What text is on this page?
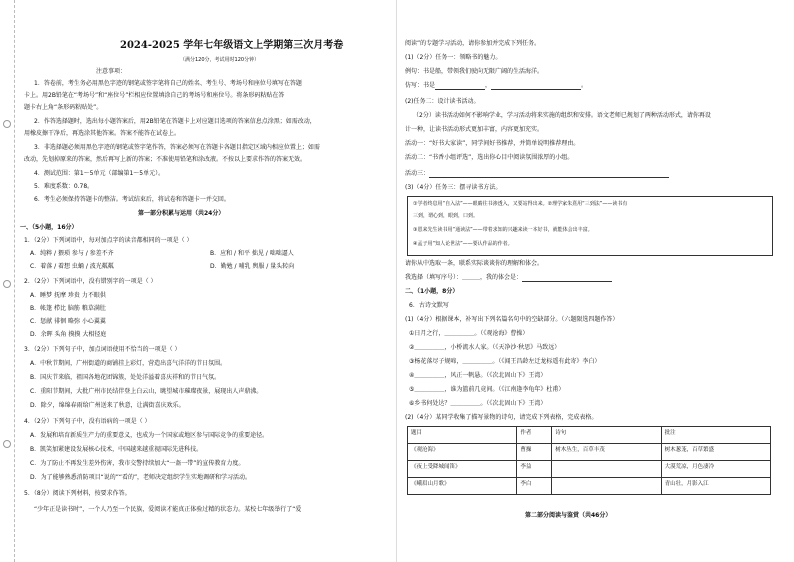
2024-2025 学年七年级语文上学期第三次月考卷
（满分120分，考试用时120分钟）
注意事项：
1．答卷前，考生务必用黑色字迹的钢笔或签字笔将自己的姓名、考生号、考场号和座位号填写在答题
卡上。用2B铅笔在“考场号”和“座位号”栏相应位置填涂自己的考场号和座位号。将条形码粘贴在答
题卡右上角“条形码粘贴处”。
2．作答选择题时，选出每小题答案后，用2B铅笔在答题卡上对应题目选项的答案信息点涂黑；如需改动，
用橡皮擦干净后，再选涂其他答案。答案不能答在试卷上。
3．非选择题必须用黑色字迹的钢笔或签字笔作答，答案必须写在答题卡各题目指定区域内相应位置上；如需
改动，先划掉原来的答案，然后再写上新的答案；不准使用铅笔和涂改液。不按以上要求作答的答案无效。
4．测试范围：第1～5单元（部编第1～5单元）。
5．难度系数：0.78。
6．考生必须保持答题卡的整洁。考试结束后，将试卷和答题卡一并交回。
第一部分积累与运用（共24分）
一、（5小题，16分）
1．（2分）下列词语中，每对加点字的读音都相同的一项是（ ）
A．纯粹 / 猥琐 参与 / 参差不齐	B．应和 / 和平 拙见 / 咄咄逼人
C．着落 / 着想 虫蛹 / 波光粼粼	D．勤勉 / 哺乳 舆服 / 量头转向
2．（2分）下列词语中，没有错别字的一项是（ ）
A．睡梦 抚摩 珍贵 力不眼供
B．帐篷 栉比 脑筋 粮草满肚
C．惩献 徘徊 略弥 小心翼翼
D．余晖 头角 摸摸 大相径庭
3．（2分）下列句子中，加点词语使用不恰当的一项是（ ）
A．中秋节期间，广州街道的商铺挂上彩灯，营造出喜气洋洋的节日氛围。
B．国庆节来临，祖国各地花团锦簇，处处洋溢着喜庆祥和的节日气氛。
C．重阳节期间，大批广州市民结伴登上白云山，眺望城市璀璨夜景，展现出人声鼎沸。
D．除夕，绵绵春雨给广州送来了秋意，让满街喜庆欢乐。
4．（2分）下列句子中，没有语病的一项是（ ）
A．发展和培育新质生产力的重要意义，也成为一个国家或地区参与国际竞争的重要途径。
B．凯笑加紧建设发展核心技术，中国越来越重视国际先进科技。
C．为了防止不再发生差外伤害，我市交警持续加大“一盔一带”的宣传教育力度。
D．为了能够熟悉消防项目“说的”“看的”，老师决定组织学生实地调研和学习活动。
5．（8分）阅读下列材料，按要求作答。
“少年正是读书时”，一个人乃至一个民族，爱阅读才能真正体验过精的状态力。某校七年级举行了“爱
阅读”的专题学习活动，请你参加并完成下列任务。
(1)（2分）任务一：领略书的魅力。
例句：书是船，带领我们驶向无限广阔的生活海洋。
仿写：书是	，	。
(2)任务二：设计读书活动。
（2分）读书活动如何不影响学业，学习活动将来实施的组织和安排。语文老师已规划了两种活动形式，请你再设
计一种，让读书活动形式更加丰富，内容更加充实。
活动一：“好书大家读”，同学间好书推荐，并简单说明推荐理由。
活动二：“书香小组评选”，选出你心目中阅读氛围浓厚的小组。
活动三：
(3)（4分）任务三：摆寻读书方法。
①学者终息用“自入法”——眼睛往书渗透入，又要站得出来。②理学家朱熹用“三到法”——读书有
三到，谓心到，眼到，口到。
③恩来先生读书用“通读法”——带着求知的兴趣来读一本好书，就能体会出丰富。
④孟子用“知人论世法”——要认作品的作者。
请你从中选取一条，联系实际谈谈你的理解和体会。
我选择（填写序号）：＿＿＿，我的体会是：
二、（1小题，8分）
6．古诗文默写
(1)（4分）根据课本，补写出下列名篇名句中的空缺部分。（六题限选四题作答）
①日月之行，＿＿＿＿＿。（《观沧海》曹操）
②＿＿＿＿＿，小桥流水人家。（《天净沙·秋思》马致远）
③杨花落尽子规啼，＿＿＿＿＿。（《闻王昌龄左迁龙标遥有此寄》李白）
④＿＿＿＿＿，风正一帆悬。（《次北固山下》王湾）
⑤＿＿＿＿＿，谁为篮前几竟间。（《江南逢李龟年》杜甫）
⑥乡书何处达？＿＿＿＿＿。（《次北固山下》王湾）
(2)（4分）某同学收集了描写景物的诗句，请完成下列表格，完成表格。
题目	作者	诗句	批注
《观沧海》	曹操	树木丛生，百草丰茂	树木葱茏，百草繁盛
《夜上受降城闻笛》	李益		大漠荒凉，月色凄冷
《峨眉山月歌》	李白		青山壮，月影入江
第二部分阅读与鉴赏（共46分）
